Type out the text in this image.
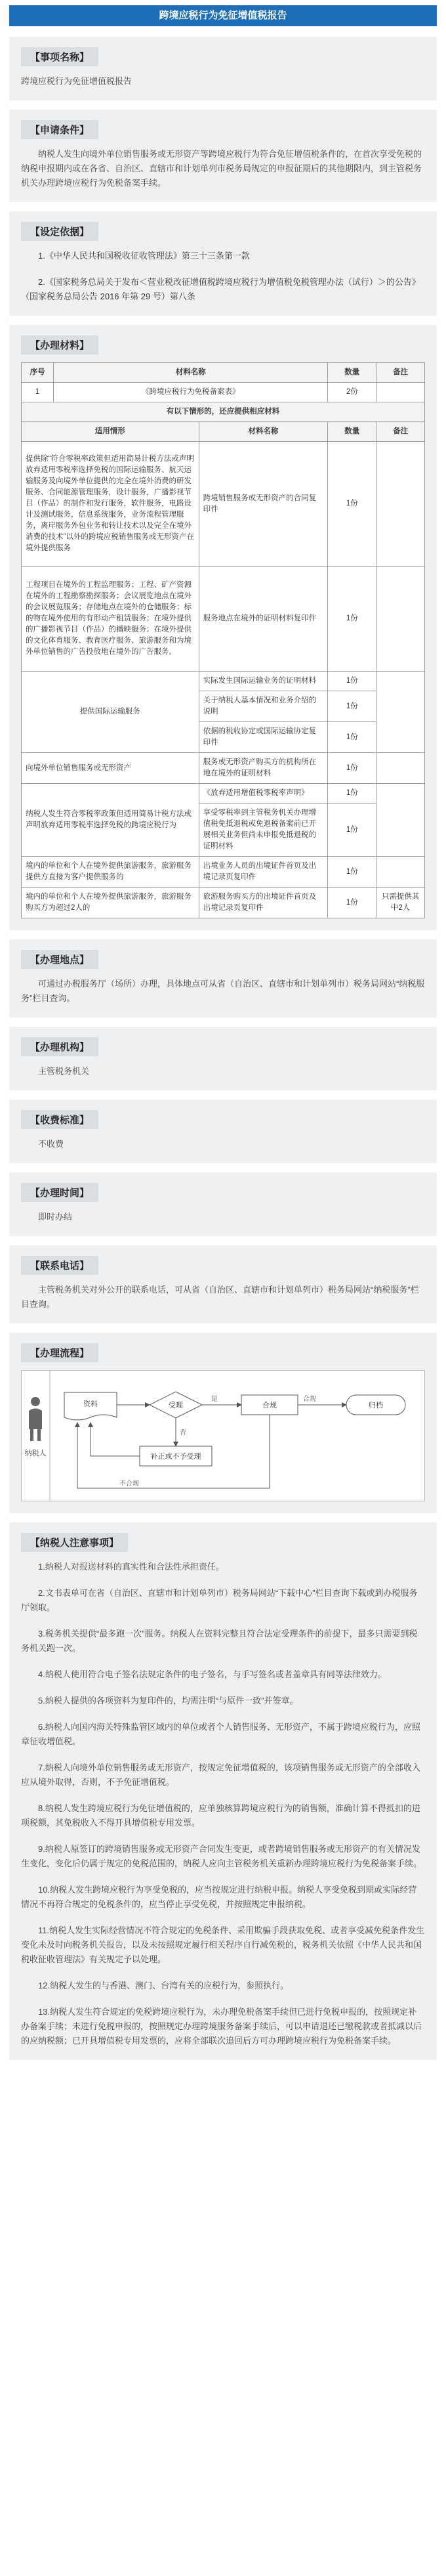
跨境应税行为免征增值税报告
【 事项名称 】
跨境应税行为免征增值税报告
【 申请条件 】
纳税人发生向境外单位销售服务或无形资产等跨境应税行为符合免征增值税条件的，在首次享受免税的纳税申报期内或在各省、自治区、直辖市和计划单列市税务局规定的申报征期后的其他期限内，到主管税务机关办理跨境应税行为免税备案手续。
【 设定依据 】
1.《中华人民共和国税收征收管理法》第三十三条第一款
2.《国家税务总局关于发布＜营业税改征增值税跨境应税行为增值税免税管理办法（试行）＞的公告》（国家税务总局公告 2016 年第 29 号）第八条
【 办理材料 】
序号	材料名称		数量	备注
1	《跨境应税行为免税备案表》		2份	
有以下情形的，还应提供相应材料				
适用情形		材料名称	数量	备注
提供除“符合零税率政策但适用简易计税方法或声明放弃适用零税率选择免税的国际运输服务、航天运输服务及向境外单位提供的完全在境外消费的研发服务、合同能源管理服务，设计服务，广播影视节目（作品）的制作和发行服务，软件服务，电路设计及测试服务，信息系统服务，业务流程管理服务，离岸服务外包业务和转让技术以及完全在境外消费的技术”以外的跨境应税销售服务或无形资产在境外提供服务		跨境销售服务或无形资产的合同复印件	1份	
工程项目在境外的工程监理服务；工程、矿产资源在境外的工程勘察勘探服务；会议展览地点在境外的会议展览服务；存储地点在境外的仓储服务；标的物在境外使用的有形动产租赁服务；在境外提供的广播影视节目（作品）的播映服务；在境外提供的文化体育服务、教育医疗服务、旅游服务和为境外单位销售的广告投放地在境外的广告服务。		服务地点在境外的证明材料复印件	1份	
提供国际运输服务		实际发生国际运输业务的证明材料	1份	
		关于纳税人基本情况和业务介绍的说明	1份	
		依据的税收协定或国际运输协定复印件	1份	
向境外单位销售服务或无形资产		服务或无形资产购买方的机构所在地在境外的证明材料	1份	
纳税人发生符合零税率政策但适用简易计税方法或声明放弃适用零税率选择免税的跨境应税行为		《放弃适用增值税零税率声明》	1份	
		享受零税率到主管税务机关办理增值税免抵退税或免退税备案前已开展相关业务但尚未申报免抵退税的证明材料	1份	
境内的单位和个人在境外提供旅游服务，旅游服务提供方直接为客户提供服务的		出境业务人员的出境证件首页及出境记录页复印件	1份	
境内的单位和个人在境外提供旅游服务，旅游服务购买方为超过2人的		旅游服务购买方的出境证件首页及出境记录页复印件	1份	只需提供其中2人
【 办理地点 】
可通过办税服务厅（场所）办理，具体地点可从省（自治区、直辖市和计划单列市）税务局网站“纳税服务”栏目查询。
【 办理机构 】
主管税务机关
【 收费标准 】
不收费
【 办理时间 】
即时办结
【 联系电话 】
主管税务机关对外公开的联系电话，可从省（自治区、直辖市和计划单列市）税务局网站“纳税服务”栏目查询。
【 办理流程 】
纳税人
资料	受理
是
合规	归档
否
补正或不予受理
不合规
合规
【 纳税人注意事项 】
1.纳税人对报送材料的真实性和合法性承担责任。
2.文书表单可在省（自治区、直辖市和计划单列市）税务局网站“下载中心”栏目查询下载或到办税服务厅领取。
3.税务机关提供“最多跑一次”服务。纳税人在资料完整且符合法定受理条件的前提下，最多只需要到税务机关跑一次。
4.纳税人使用符合电子签名法规定条件的电子签名，与手写签名或者盖章具有同等法律效力。
5.纳税人提供的各项资料为复印件的，均需注明“与原件一致”并签章。
6.纳税人向国内海关特殊监管区域内的单位或者个人销售服务、无形资产，不属于跨境应税行为，应照章征收增值税。
7.纳税人向境外单位销售服务或无形资产，按规定免征增值税的，该项销售服务或无形资产的全部收入应从境外取得，否则，不予免征增值税。
8.纳税人发生跨境应税行为免征增值税的，应单独核算跨境应税行为的销售额，准确计算不得抵扣的进项税额，其免税收入不得开具增值税专用发票。
9.纳税人原签订的跨境销售服务或无形资产合同发生变更，或者跨境销售服务或无形资产的有关情况发生变化，变化后仍属于规定的免税范围的，纳税人应向主管税务机关重新办理跨境应税行为免税备案手续。
10.纳税人发生跨境应税行为享受免税的，应当按规定进行纳税申报。纳税人享受免税到期或实际经营情况不再符合规定的免税条件的，应当停止享受免税，并按照规定申报纳税。
11.纳税人发生实际经营情况不符合规定的免税条件、采用欺骗手段获取免税、或者享受减免税条件发生变化未及时向税务机关报告，以及未按照规定履行相关程序自行减免税的，税务机关依照《中华人民共和国税收征收管理法》有关规定予以处理。
12.纳税人发生的与香港、澳门、台湾有关的应税行为，参照执行。
13.纳税人发生符合规定的免税跨境应税行为，未办理免税备案手续但已进行免税申报的，按照规定补办备案手续；未进行免税申报的，按照规定办理跨境服务备案手续后，可以申请退还已缴税款或者抵减以后的应纳税额；已开具增值税专用发票的，应将全部联次追回后方可办理跨境应税行为免税备案手续。
